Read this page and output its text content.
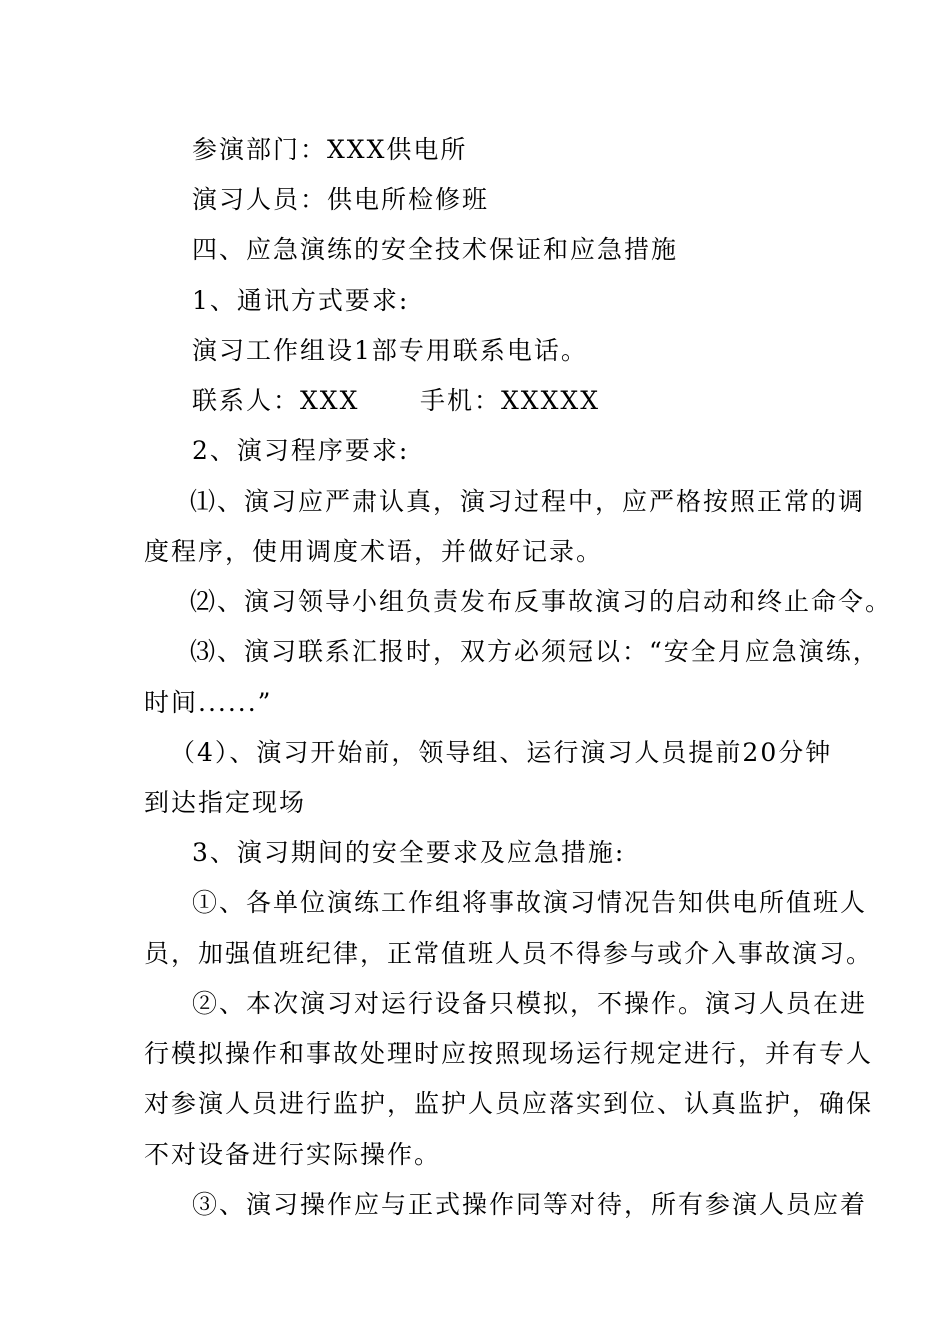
参演部门：XXX供电所
演习人员：供电所检修班
四、应急演练的安全技术保证和应急措施
1、通讯方式要求:
演习工作组设1部专用联系电话。
联系人：XXX 手机：XXXXX
2、演习程序要求:
⑴、演习应严肃认真，演习过程中，应严格按照正常的调
度程序，使用调度术语，并做好记录。
⑵、演习领导小组负责发布反事故演习的启动和终止命令。
⑶、演习联系汇报时，双方必须冠以：“安全月应急演练，
时间......”
（4）、演习开始前，领导组、运行演习人员提前20分钟
到达指定现场
3、演习期间的安全要求及应急措施:
①、各单位演练工作组将事故演习情况告知供电所值班人
员，加强值班纪律，正常值班人员不得参与或介入事故演习。
②、本次演习对运行设备只模拟，不操作。演习人员在进
行模拟操作和事故处理时应按照现场运行规定进行，并有专人
对参演人员进行监护，监护人员应落实到位、认真监护，确保
不对设备进行实际操作。
③、演习操作应与正式操作同等对待，所有参演人员应着
